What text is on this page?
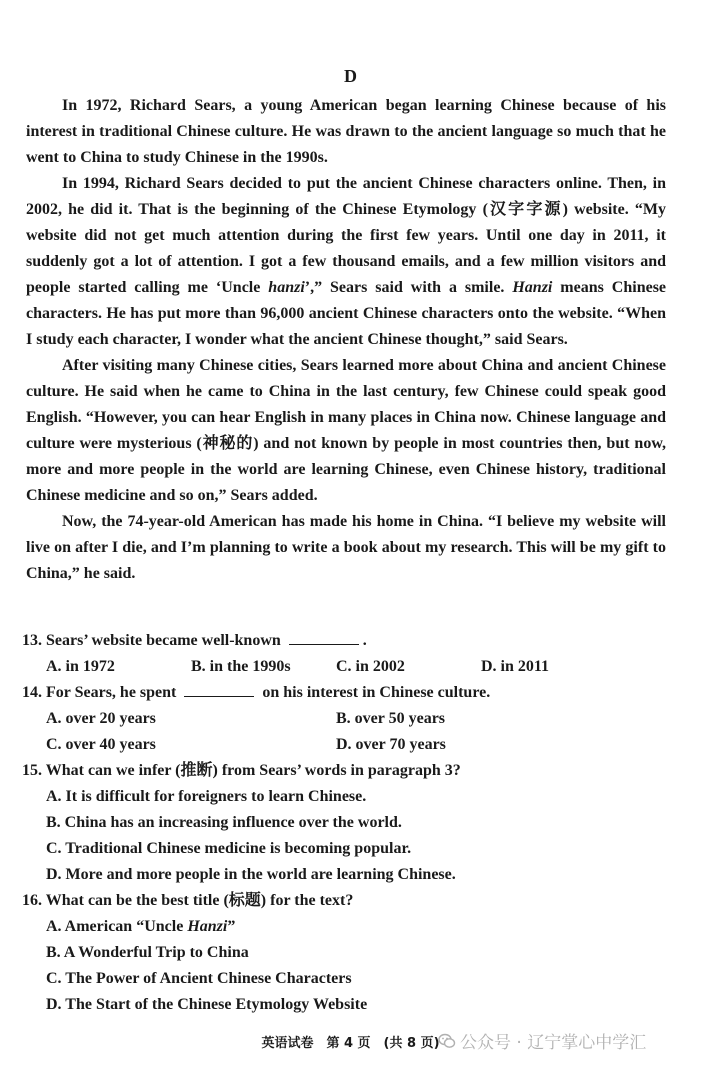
D

In 1972, Richard Sears, a young American began learning Chinese because of his interest in traditional Chinese culture. He was drawn to the ancient language so much that he went to China to study Chinese in the 1990s.

In 1994, Richard Sears decided to put the ancient Chinese characters online. Then, in 2002, he did it. That is the beginning of the Chinese Etymology (汉字字源) website. “My website did not get much attention during the first few years. Until one day in 2011, it suddenly got a lot of attention. I got a few thousand emails, and a few million visitors and people started calling me ‘Uncle hanzi’,” Sears said with a smile. Hanzi means Chinese characters. He has put more than 96,000 ancient Chinese characters onto the website. “When I study each character, I wonder what the ancient Chinese thought,” said Sears.

After visiting many Chinese cities, Sears learned more about China and ancient Chinese culture. He said when he came to China in the last century, few Chinese could speak good English. “However, you can hear English in many places in China now. Chinese language and culture were mysterious (神秘的) and not known by people in most countries then, but now, more and more people in the world are learning Chinese, even Chinese history, traditional Chinese medicine and so on,” Sears added.

Now, the 74-year-old American has made his home in China. “I believe my website will live on after I die, and I’m planning to write a book about my research. This will be my gift to China,” he said.

13. Sears’ website became well-known	.
A. in 1972	B. in the 1990s	C. in 2002	D. in 2011
14. For Sears, he spent	on his interest in Chinese culture.
A. over 20 years	B. over 50 years
C. over 40 years	D. over 70 years
15. What can we infer (推断) from Sears’ words in paragraph 3?
A. It is difficult for foreigners to learn Chinese.
B. China has an increasing influence over the world.
C. Traditional Chinese medicine is becoming popular.
D. More and more people in the world are learning Chinese.
16. What can be the best title (标题) for the text?
A. American “Uncle Hanzi”
B. A Wonderful Trip to China
C. The Power of Ancient Chinese Characters
D. The Start of the Chinese Etymology Website
英语试卷　第 4 页　(共 8 页)	公众号 · 辽宁掌心中学汇
